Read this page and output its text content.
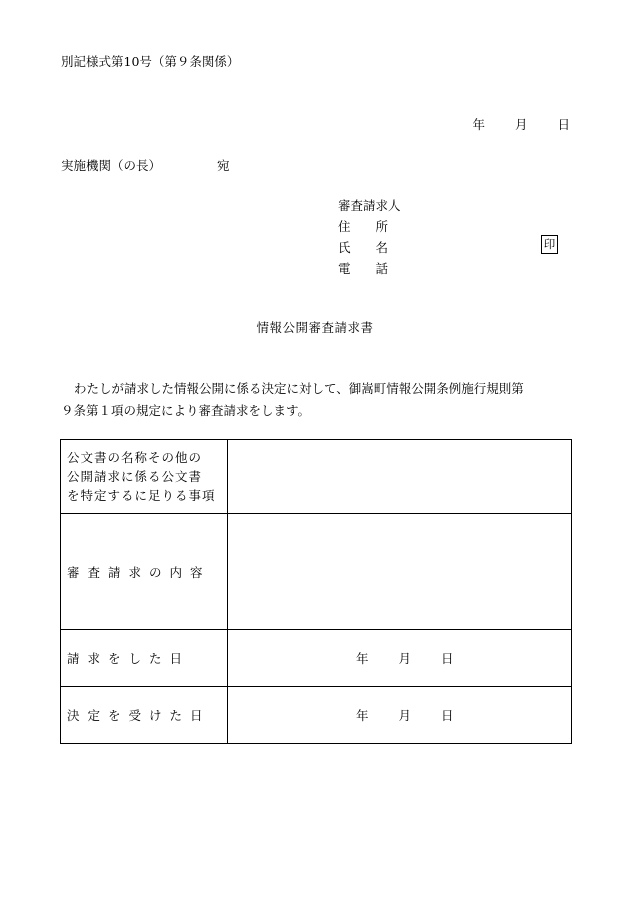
別記様式第10号（第９条関係）
年 月 日
実施機関（の長）	宛
審査請求人
住　　所
氏　　名
電　　話
印
情報公開審査請求書
わたしが請求した情報公開に係る決定に対して、御嵩町情報公開条例施行規則第
９条第１項の規定により審査請求をします。
公文書の名称その他の
公開請求に係る公文書
を特定するに足りる事項	

審査請求の内容	
請求をした日	年 月 日

決定を受けた日	年 月 日
